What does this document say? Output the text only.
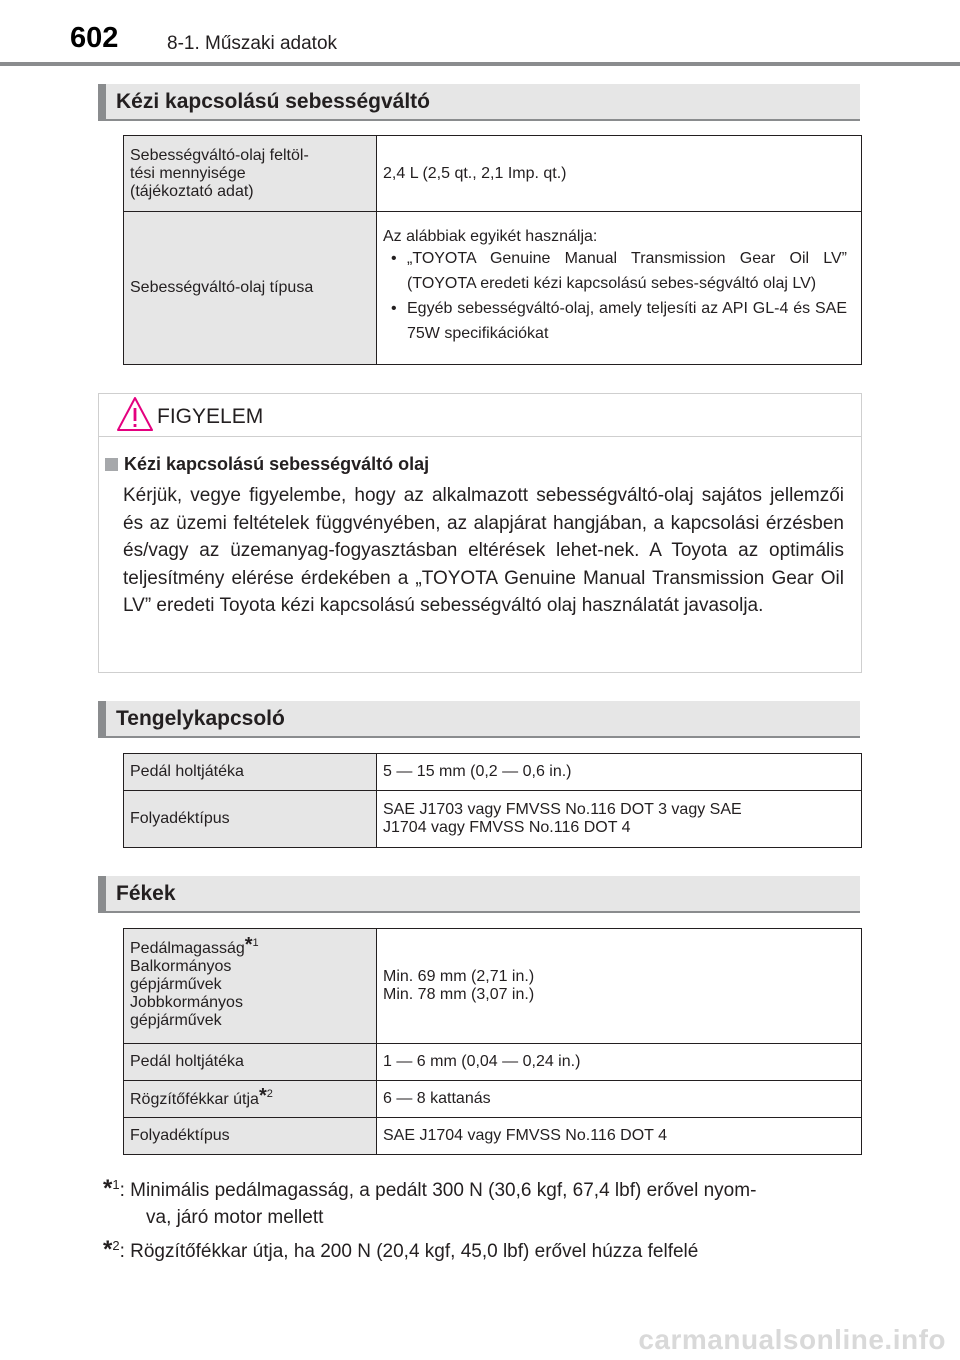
602	8-1. Műszaki adatok
Kézi kapcsolású sebességváltó
Sebességváltó-olaj feltöl-
tési mennyisége
(tájékoztató adat)	2,4 L (2,5 qt., 2,1 Imp. qt.)
Sebességváltó-olaj típusa	Az alábbiak egyikét használja:
• „TOYOTA Genuine Manual Transmission Gear Oil LV” (TOYOTA eredeti kézi kapcsolású sebes-ségváltó olaj LV)
• Egyéb sebességváltó-olaj, amely teljesíti az API GL-4 és SAE 75W specifikációkat
FIGYELEM
Kézi kapcsolású sebességváltó olaj
Kérjük, vegye figyelembe, hogy az alkalmazott sebességváltó-olaj sajátos jellemzői és az üzemi feltételek függvényében, az alapjárat hangjában, a kapcsolási érzésben és/vagy az üzemanyag-fogyasztásban eltérések lehet-nek. A Toyota az optimális teljesítmény elérése érdekében a „TOYOTA Genuine Manual Transmission Gear Oil LV” eredeti Toyota kézi kapcsolású sebességváltó olaj használatát javasolja.
Tengelykapcsoló
Pedál holtjátéka	5 — 15 mm (0,2 — 0,6 in.)
Folyadéktípus	SAE J1703 vagy FMVSS No.116 DOT 3 vagy SAE
J1704 vagy FMVSS No.116 DOT 4
Fékek
Pedálmagasság*$^1$
Balkormányos
gépjárművek
Jobbkormányos
gépjárművek	Min. 69 mm (2,71 in.)
Min. 78 mm (3,07 in.)
Pedál holtjátéka	1 — 6 mm (0,04 — 0,24 in.)
Rögzítőfékkar útja*$^2$	6 — 8 kattanás
Folyadéktípus	SAE J1704 vagy FMVSS No.116 DOT 4
*$^1$: Minimális pedálmagasság, a pedált 300 N (30,6 kgf, 67,4 lbf) erővel nyom-
va, járó motor mellett
*$^2$: Rögzítőfékkar útja, ha 200 N (20,4 kgf, 45,0 lbf) erővel húzza felfelé
carmanualsonline.info
